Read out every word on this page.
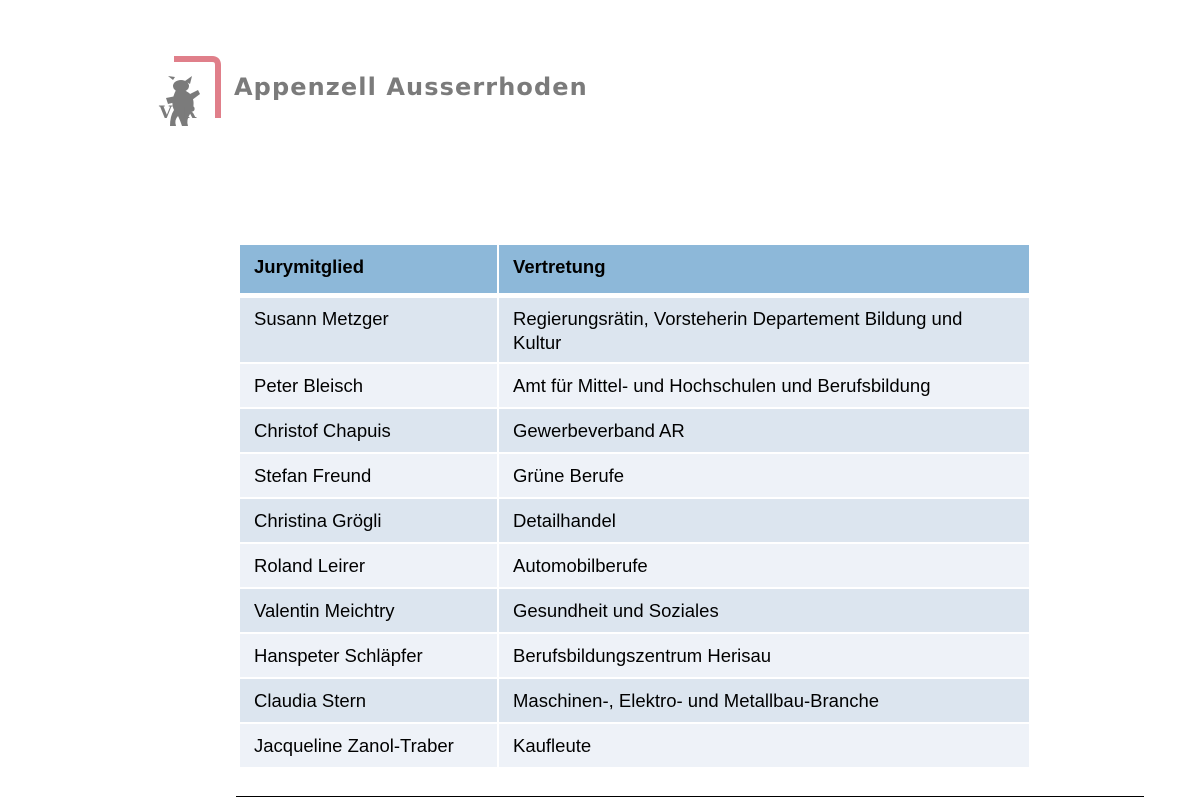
VR
Appenzell Ausserrhoden
Jurymitglied	Vertretung

Susann Metzger	Regierungsrätin, Vorsteherin Departement Bildung und Kultur
Peter Bleisch	Amt für Mittel- und Hochschulen und Berufsbildung
Christof Chapuis	Gewerbeverband AR
Stefan Freund	Grüne Berufe
Christina Grögli	Detailhandel
Roland Leirer	Automobilberufe
Valentin Meichtry	Gesundheit und Soziales
Hanspeter Schläpfer	Berufsbildungszentrum Herisau
Claudia Stern	Maschinen-, Elektro- und Metallbau-Branche
Jacqueline Zanol-Traber	Kaufleute
